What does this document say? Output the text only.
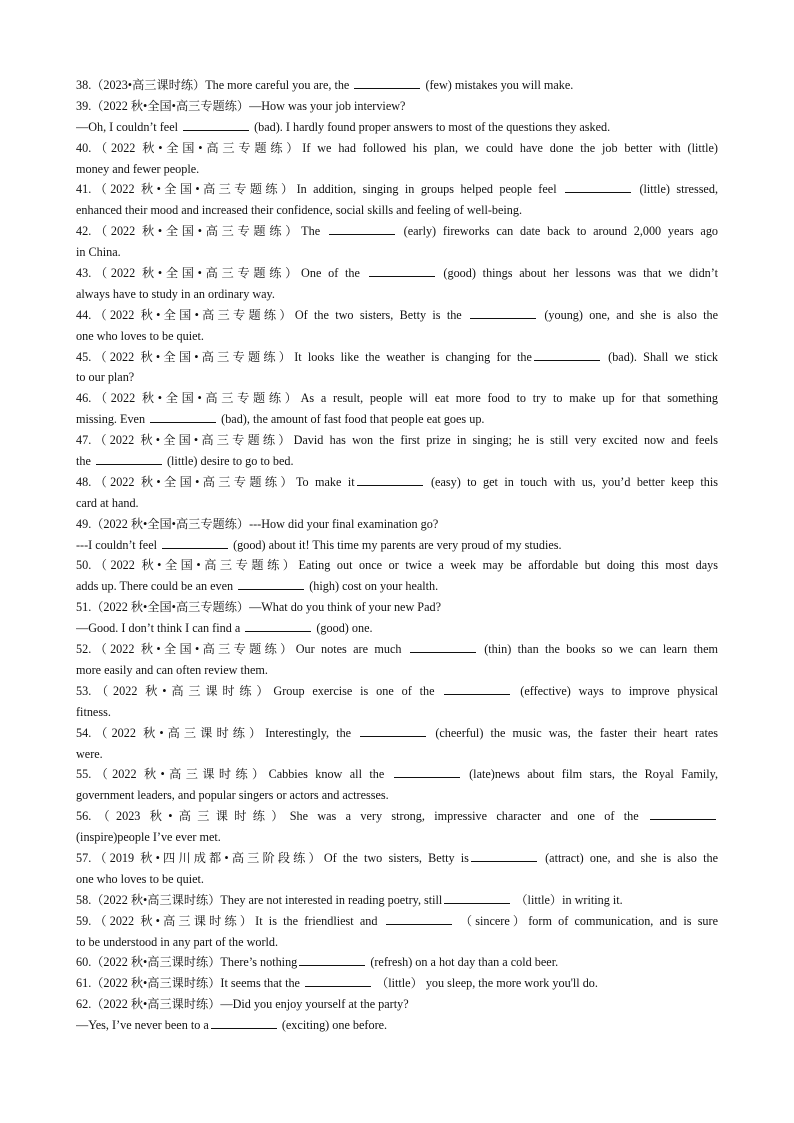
38.（2023•高三课时练）The more careful you are, the	(few) mistakes you will make.
39.（2022 秋•全国•高三专题练）—How was your job interview?
—Oh, I couldn’t feel	(bad). I hardly found proper answers to most of the questions they asked.
40.（2022 秋•全国•高三专题练）If we had followed his plan, we could have done the job better with (little)
money and fewer people.
41.（2022 秋•全国•高三专题练）In addition, singing in groups helped people feel	(little) stressed,
enhanced their mood and increased their confidence, social skills and feeling of well-being.
42.（2022 秋•全国•高三专题练）The	(early) fireworks can date back to around 2,000 years ago
in China.
43.（2022 秋•全国•高三专题练）One of the	(good) things about her lessons was that we didn’t
always have to study in an ordinary way.
44.（2022 秋•全国•高三专题练）Of the two sisters, Betty is the	(young) one, and she is also the
one who loves to be quiet.
45.（2022 秋•全国•高三专题练）It looks like the weather is changing for the	(bad). Shall we stick
to our plan?
46.（2022 秋•全国•高三专题练）As a result, people will eat more food to try to make up for that something
missing. Even	(bad), the amount of fast food that people eat goes up.
47.（2022 秋•全国•高三专题练）David has won the first prize in singing; he is still very excited now and feels
the	(little) desire to go to bed.
48.（2022 秋•全国•高三专题练）To make it	(easy) to get in touch with us, you’d better keep this
card at hand.
49.（2022 秋•全国•高三专题练）---How did your final examination go?
---I couldn’t feel	(good) about it! This time my parents are very proud of my studies.
50.（2022 秋•全国•高三专题练）Eating out once or twice a week may be affordable but doing this most days
adds up. There could be an even	(high) cost on your health.
51.（2022 秋•全国•高三专题练）—What do you think of your new Pad?
—Good. I don’t think I can find a	(good) one.
52.（2022 秋•全国•高三专题练）Our notes are much	(thin) than the books so we can learn them
more easily and can often review them.
53.（2022 秋•高三课时练）Group exercise is one of the	(effective) ways to improve physical
fitness.
54.（2022 秋•高三课时练）Interestingly, the	(cheerful) the music was, the faster their heart rates
were.
55.（2022 秋•高三课时练）Cabbies know all the	(late)news about film stars, the Royal Family,
government leaders, and popular singers or actors and actresses.
56.（2023 秋•高三课时练）She was a very strong, impressive character and one of the
(inspire)people I’ve ever met.
57.（2019 秋•四川成都•高三阶段练）Of the two sisters, Betty is	(attract) one, and she is also the
one who loves to be quiet.
58.（2022 秋•高三课时练）They are not interested in reading poetry, still	（little）in writing it.
59.（2022 秋•高三课时练）It is the friendliest and	（sincere）form of communication, and is sure
to be understood in any part of the world.
60.（2022 秋•高三课时练）There’s nothing	(refresh) on a hot day than a cold beer.
61.（2022 秋•高三课时练）It seems that the	（little） you sleep, the more work you'll do.
62.（2022 秋•高三课时练）—Did you enjoy yourself at the party?
—Yes, I’ve never been to a	(exciting) one before.
